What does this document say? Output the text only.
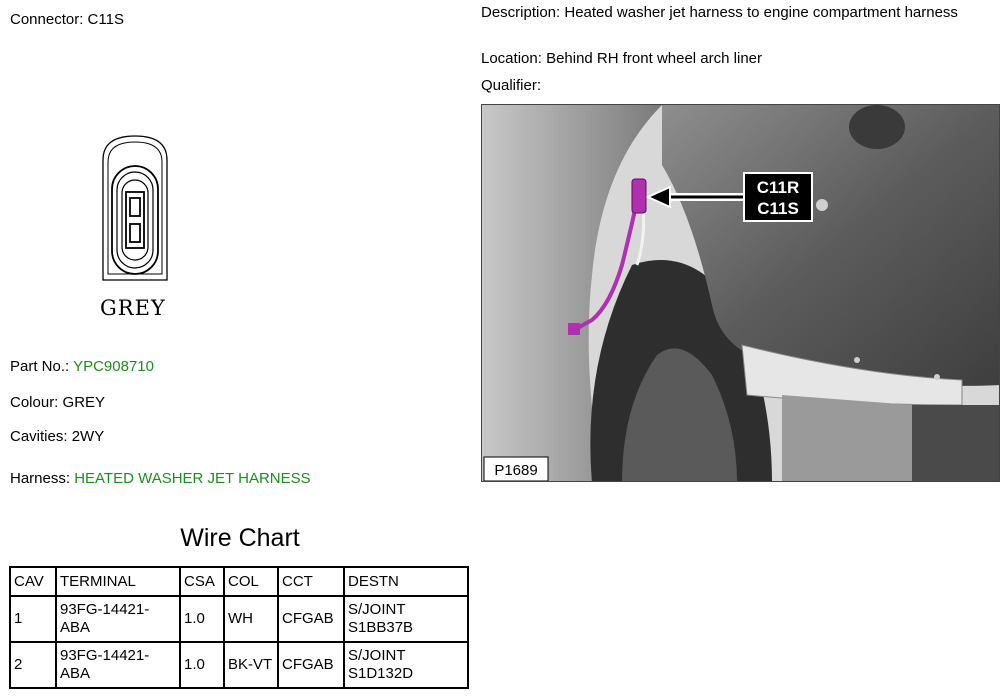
Connector: C11S
GREY
Part No.: YPC908710
Colour: GREY
Cavities: 2WY
Harness: HEATED WASHER JET HARNESS
Description: Heated washer jet harness to engine compartment harness
Location: Behind RH front wheel arch liner
Qualifier:
C11R
C11S
P1689
Wire Chart
CAV	TERMINAL	CSA	COL	CCT	DESTN
1	93FG-14421-ABA	1.0	WH	CFGAB	S/JOINT S1BB37B
2	93FG-14421-ABA	1.0	BK-VT	CFGAB	S/JOINT S1D132D
